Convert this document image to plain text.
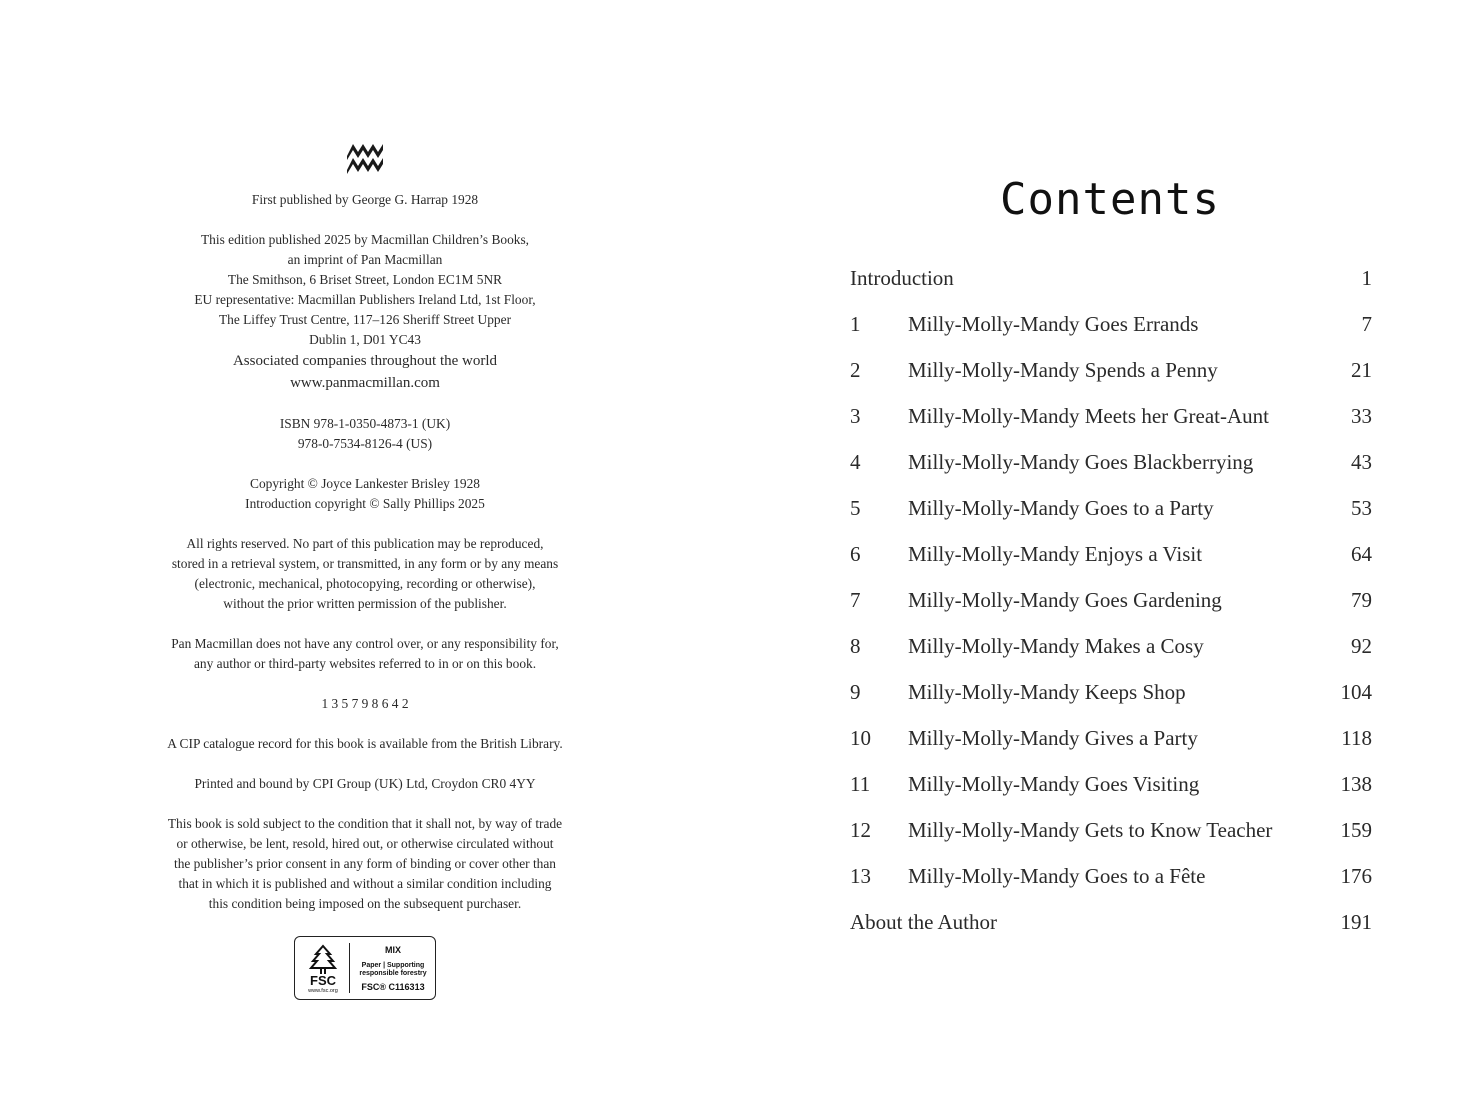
First published by George G. Harrap 1928

This edition published 2025 by Macmillan Children’s Books,

an imprint of Pan Macmillan

The Smithson, 6 Briset Street, London EC1M 5NR

EU representative: Macmillan Publishers Ireland Ltd, 1st Floor,

The Liffey Trust Centre, 117–126 Sheriff Street Upper

Dublin 1, D01 YC43

Associated companies throughout the world

www.panmacmillan.com

ISBN 978-1-0350-4873-1 (UK)

978-0-7534-8126-4 (US)

Copyright © Joyce Lankester Brisley 1928

Introduction copyright © Sally Phillips 2025

All rights reserved. No part of this publication may be reproduced,

stored in a retrieval system, or transmitted, in any form or by any means

(electronic, mechanical, photocopying, recording or otherwise),

without the prior written permission of the publisher.

Pan Macmillan does not have any control over, or any responsibility for,

any author or third-party websites referred to in or on this book.

1 3 5 7 9 8 6 4 2

A CIP catalogue record for this book is available from the British Library.

Printed and bound by CPI Group (UK) Ltd, Croydon CR0 4YY

This book is sold subject to the condition that it shall not, by way of trade

or otherwise, be lent, resold, hired out, or otherwise circulated without

the publisher’s prior consent in any form of binding or cover other than

that in which it is published and without a similar condition including

this condition being imposed on the subsequent purchaser.

FSC
www.fsc.org
MIX
Paper | Supporting
responsible forestry
FSC® C116313
Contents
Introduction	1
1 Milly-Molly-Mandy Goes Errands	7
2 Milly-Molly-Mandy Spends a Penny	21
3 Milly-Molly-Mandy Meets her Great-Aunt	33
4 Milly-Molly-Mandy Goes Blackberrying	43
5 Milly-Molly-Mandy Goes to a Party	53
6 Milly-Molly-Mandy Enjoys a Visit	64
7 Milly-Molly-Mandy Goes Gardening	79
8 Milly-Molly-Mandy Makes a Cosy	92
9 Milly-Molly-Mandy Keeps Shop	104
10 Milly-Molly-Mandy Gives a Party	118
11 Milly-Molly-Mandy Goes Visiting	138
12 Milly-Molly-Mandy Gets to Know Teacher	159
13 Milly-Molly-Mandy Goes to a Fête	176
About the Author	191
